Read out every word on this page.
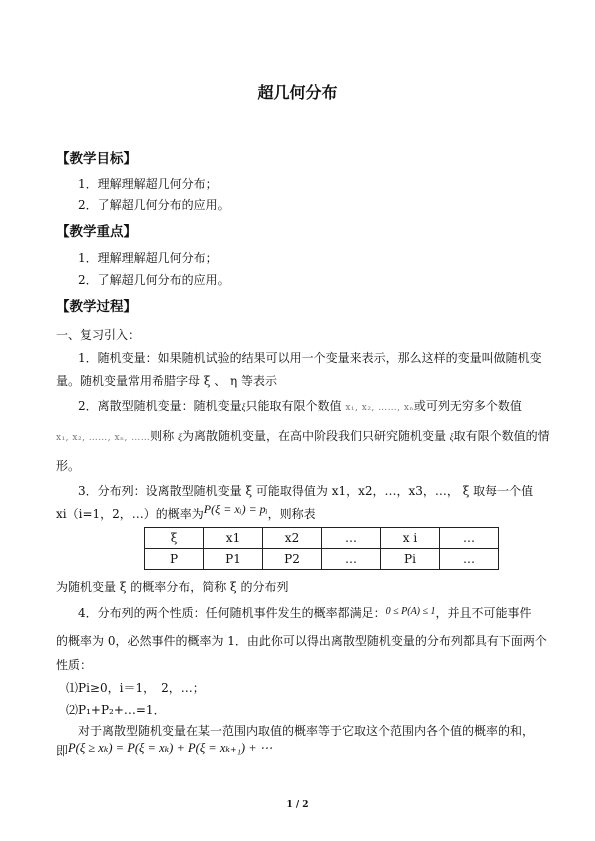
超几何分布
【教学目标】
1．理解理解超几何分布；
2．了解超几何分布的应用。
【教学重点】
1．理解理解超几何分布；
2．了解超几何分布的应用。
【教学过程】
一、复习引入：
1．随机变量：如果随机试验的结果可以用一个变量来表示，那么这样的变量叫做随机变
量。随机变量常用希腊字母 ξ 、 η 等表示
2．离散型随机变量：随机变量ξ只能取有限个数值 x₁, x₂, ……, xₙ或可列无穷多个数值
x₁, x₂, ……, xₙ, ……则称 ξ为离散随机变量，在高中阶段我们只研究随机变量 ξ取有限个数值的情
形。
3．分布列：设离散型随机变量 ξ 可能取得值为 x1，x2，…，x3，…， ξ 取每一个值
xi（i=1，2，…）的概率为P(ξ = xᵢ) = pᵢ，则称表
ξ	x1	x2	…	x i	…
P	P1	P2	…	Pi	…
为随机变量 ξ 的概率分布，简称 ξ 的分布列
4．分布列的两个性质：任何随机事件发生的概率都满足：$^{0 \le P(A) \le 1}$，并且不可能事件
的概率为 0，必然事件的概率为 1．由此你可以得出离散型随机变量的分布列都具有下面两个
性质：
⑴Pi≥0，i＝1，　2，…；
⑵P₁+P₂+…=1．
对于离散型随机变量在某一范围内取值的概率等于它取这个范围内各个值的概率的和，
即P(ξ ≥ xₖ) = P(ξ = xₖ) + P(ξ = xₖ₊₁) + ⋯
1 / 2
